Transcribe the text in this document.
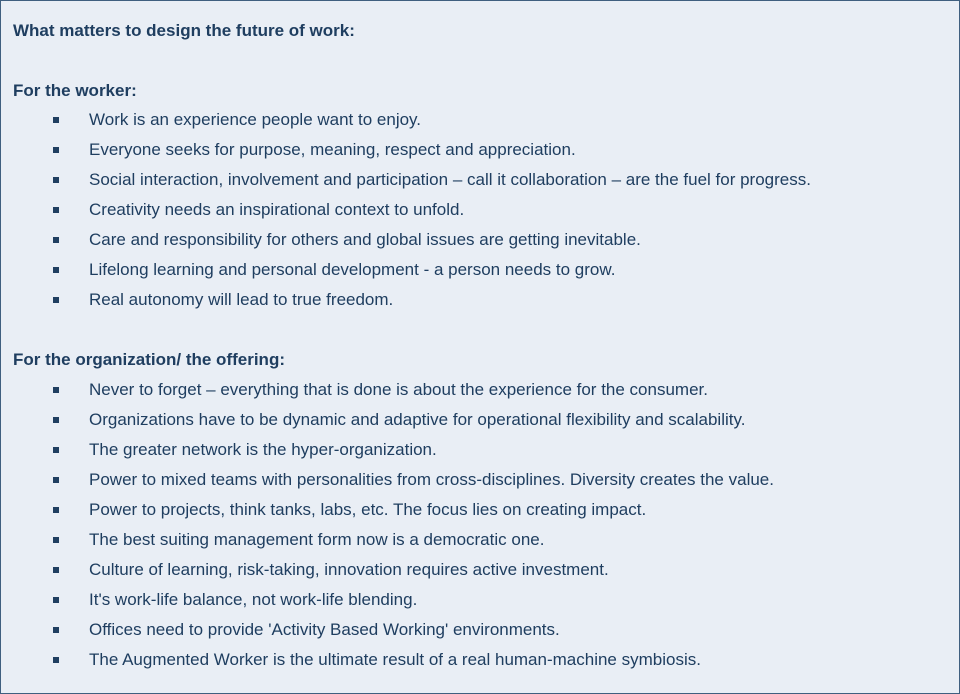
What matters to design the future of work:
For the worker:
Work is an experience people want to enjoy.
Everyone seeks for purpose, meaning, respect and appreciation.
Social interaction, involvement and participation – call it collaboration – are the fuel for progress.
Creativity needs an inspirational context to unfold.
Care and responsibility for others and global issues are getting inevitable.
Lifelong learning and personal development - a person needs to grow.
Real autonomy will lead to true freedom.
For the organization/ the offering:
Never to forget – everything that is done is about the experience for the consumer.
Organizations have to be dynamic and adaptive for operational flexibility and scalability.
The greater network is the hyper-organization.
Power to mixed teams with personalities from cross-disciplines. Diversity creates the value.
Power to projects, think tanks, labs, etc. The focus lies on creating impact.
The best suiting management form now is a democratic one.
Culture of learning, risk-taking, innovation requires active investment.
It's work-life balance, not work-life blending.
Offices need to provide 'Activity Based Working' environments.
The Augmented Worker is the ultimate result of a real human-machine symbiosis.
